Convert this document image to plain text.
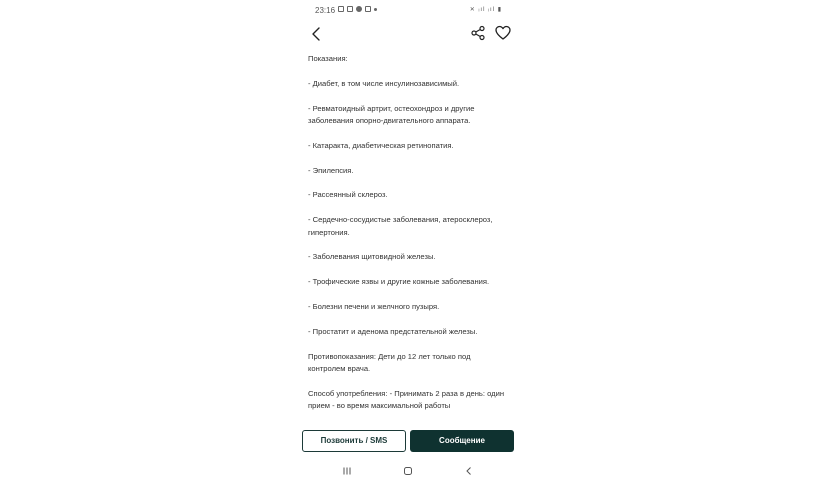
23:16	✕ ᵢıl ᵢıl ▮

Показания:

- Диабет, в том числе инсулинозависимый.

- Ревматоидный артрит, остеохондроз и другие заболевания опорно-двигательного аппарата.

- Катаракта, диабетическая ретинопатия.

- Эпилепсия.

- Рассеянный склероз.

- Сердечно-сосудистые заболевания, атеросклероз, гипертония.

- Заболевания щитовидной железы.

- Трофические язвы и другие кожные заболевания.

- Болезни печени и желчного пузыря.

- Простатит и аденома предстательной железы.

Противопоказания: Дети до 12 лет только под контролем врача.

Способ употребления: - Принимать 2 раза в день: один прием - во время максимальной работы

Позвонить / SMS	Сообщение
